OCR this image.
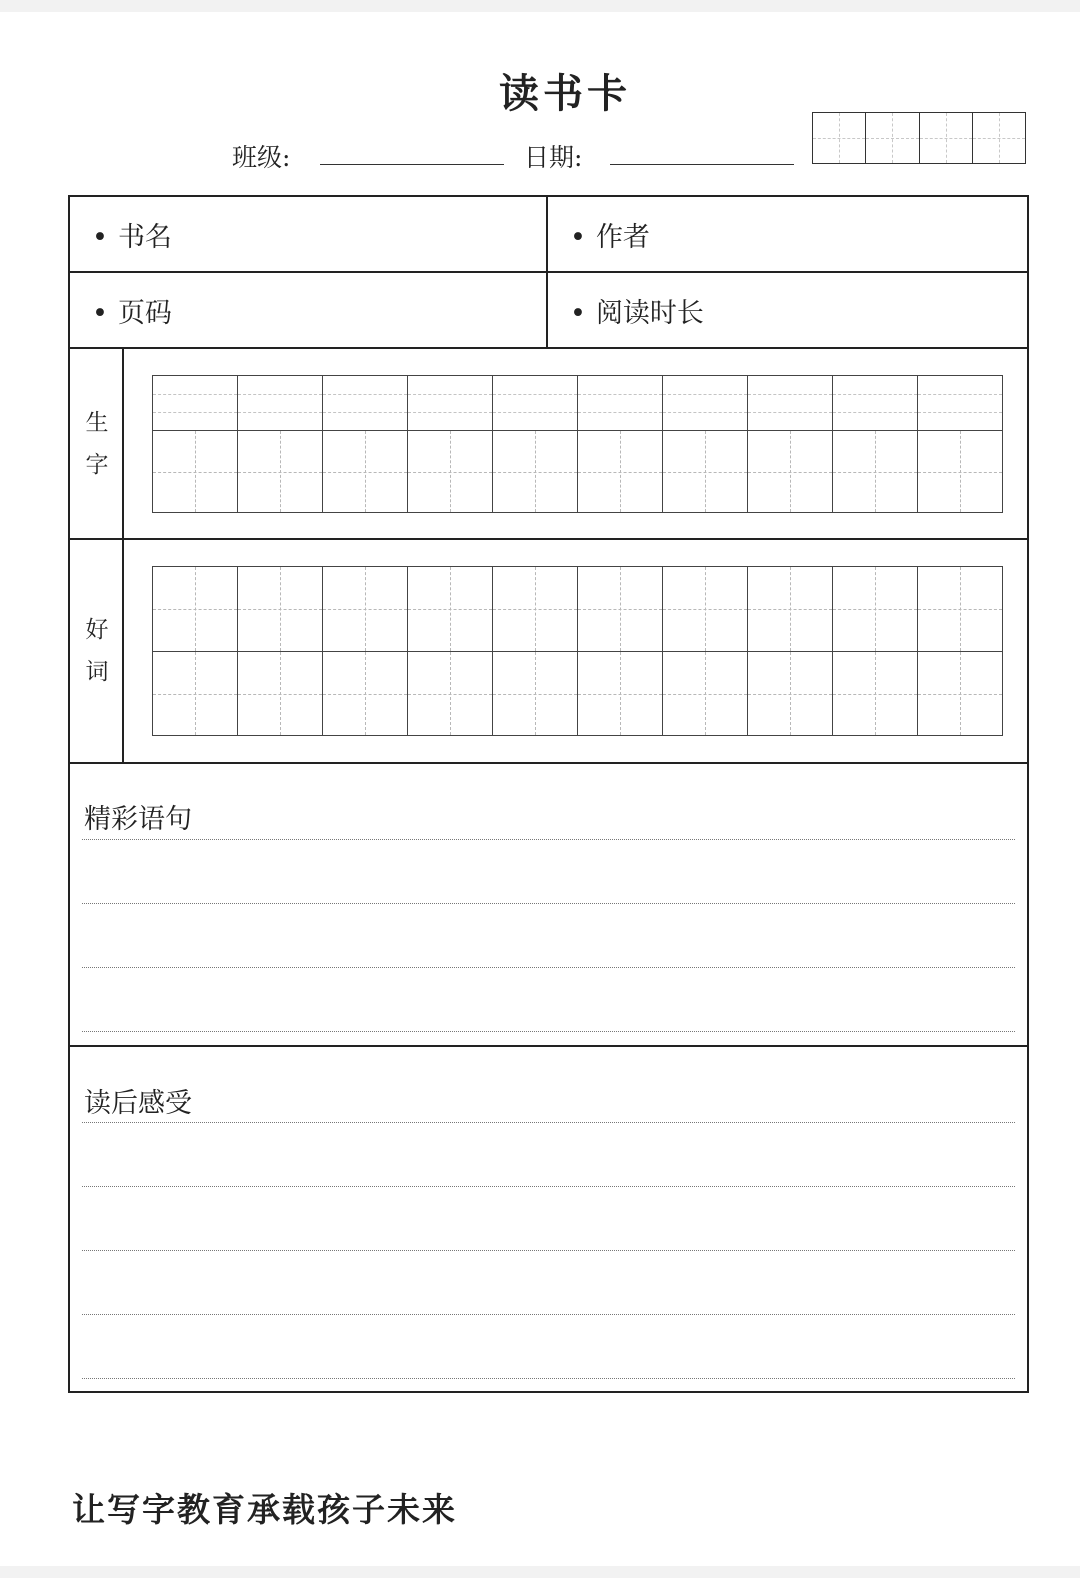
读书卡
班级:	日期:
• 书名	• 作者
• 页码	• 阅读时长
生
字
好
词
精彩语句
读后感受
让写字教育承载孩子未来
